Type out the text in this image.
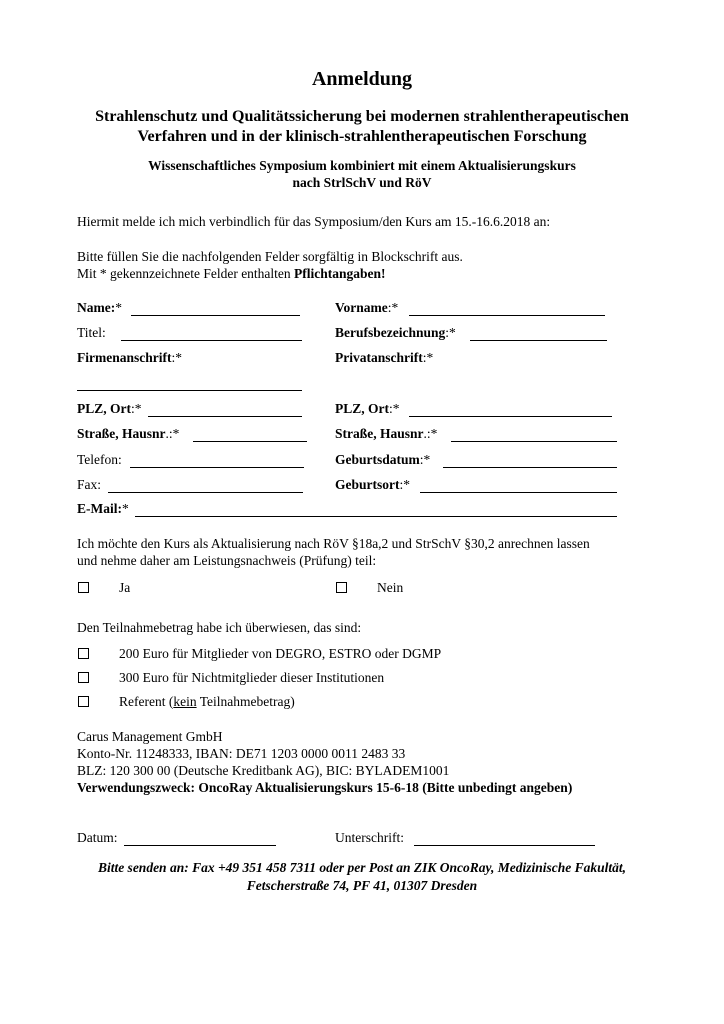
Anmeldung
Strahlenschutz und Qualitätssicherung bei modernen strahlentherapeutischen
Verfahren und in der klinisch-strahlentherapeutischen Forschung
Wissenschaftliches Symposium kombiniert mit einem Aktualisierungskurs
nach StrlSchV und RöV
Hiermit melde ich mich verbindlich für das Symposium/den Kurs am 15.-16.6.2018 an:
Bitte füllen Sie die nachfolgenden Felder sorgfältig in Blockschrift aus.
Mit * gekennzeichnete Felder enthalten Pflichtangaben!
Name:*	Vorname:*
Titel:	Berufsbezeichnung:*
Firmenanschrift:*	Privatanschrift:*
PLZ, Ort:*	PLZ, Ort:*
Straße, Hausnr.:*	Straße, Hausnr.:*
Telefon:	Geburtsdatum:*
Fax:	Geburtsort:*
E-Mail:*
Ich möchte den Kurs als Aktualisierung nach RöV §18a,2 und StrSchV §30,2 anrechnen lassen
und nehme daher am Leistungsnachweis (Prüfung) teil:
Ja	Nein
Den Teilnahmebetrag habe ich überwiesen, das sind:
200 Euro für Mitglieder von DEGRO, ESTRO oder DGMP
300 Euro für Nichtmitglieder dieser Institutionen
Referent (kein Teilnahmebetrag)
Carus Management GmbH
Konto-Nr. 11248333, IBAN: DE71 1203 0000 0011 2483 33
BLZ: 120 300 00 (Deutsche Kreditbank AG), BIC: BYLADEM1001
Verwendungszweck: OncoRay Aktualisierungskurs 15-6-18 (Bitte unbedingt angeben)
Datum:	Unterschrift:
Bitte senden an: Fax +49 351 458 7311 oder per Post an ZIK OncoRay, Medizinische Fakultät,
Fetscherstraße 74, PF 41, 01307 Dresden
